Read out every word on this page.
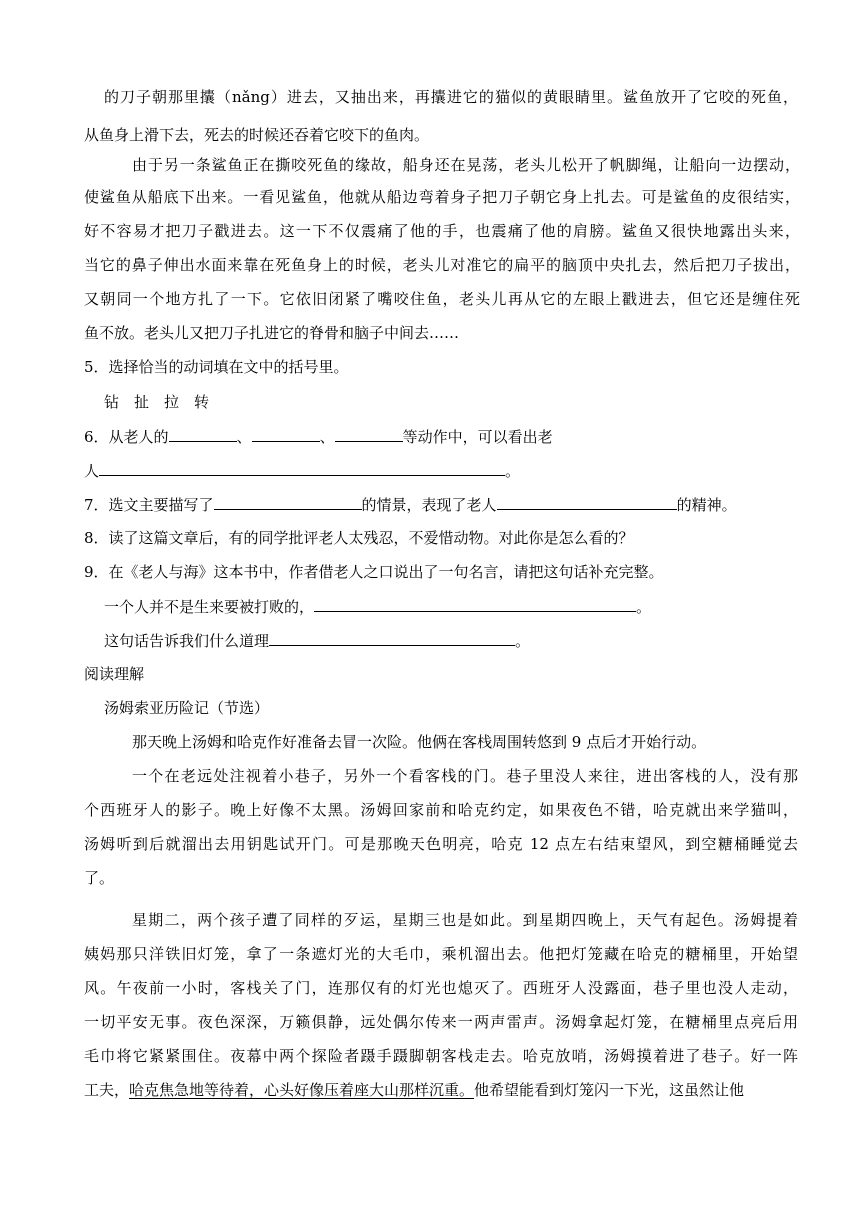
的刀子朝那里攮（nǎng）进去，又抽出来，再攮进它的猫似的黄眼睛里。鲨鱼放开了它咬的死鱼，
从鱼身上滑下去，死去的时候还吞着它咬下的鱼肉。
由于另一条鲨鱼正在撕咬死鱼的缘故，船身还在晃荡，老头儿松开了帆脚绳，让船向一边摆动，
使鲨鱼从船底下出来。一看见鲨鱼，他就从船边弯着身子把刀子朝它身上扎去。可是鲨鱼的皮很结实，
好不容易才把刀子戳进去。这一下不仅震痛了他的手，也震痛了他的肩膀。鲨鱼又很快地露出头来，
当它的鼻子伸出水面来靠在死鱼身上的时候，老头儿对准它的扁平的脑顶中央扎去，然后把刀子拔出，
又朝同一个地方扎了一下。它依旧闭紧了嘴咬住鱼，老头儿再从它的左眼上戳进去，但它还是缠住死
鱼不放。老头儿又把刀子扎进它的脊骨和脑子中间去……
5．选择恰当的动词填在文中的括号里。
钻　扯　拉　转
6．从老人的	、	、	等动作中，可以看出老
人	。
7．选文主要描写了	的情景，表现了老人	的精神。
8．读了这篇文章后，有的同学批评老人太残忍，不爱惜动物。对此你是怎么看的？
9．在《老人与海》这本书中，作者借老人之口说出了一句名言，请把这句话补充完整。
一个人并不是生来要被打败的，	。
这句话告诉我们什么道理	。
阅读理解
汤姆索亚历险记（节选）
那天晚上汤姆和哈克作好准备去冒一次险。他俩在客栈周围转悠到 9 点后才开始行动。
一个在老远处注视着小巷子，另外一个看客栈的门。巷子里没人来往，进出客栈的人，没有那
个西班牙人的影子。晚上好像不太黑。汤姆回家前和哈克约定，如果夜色不错，哈克就出来学猫叫，
汤姆听到后就溜出去用钥匙试开门。可是那晚天色明亮，哈克 12 点左右结束望风，到空糖桶睡觉去
了。
星期二，两个孩子遭了同样的歹运，星期三也是如此。到星期四晚上，天气有起色。汤姆提着
姨妈那只洋铁旧灯笼，拿了一条遮灯光的大毛巾，乘机溜出去。他把灯笼藏在哈克的糖桶里，开始望
风。午夜前一小时，客栈关了门，连那仅有的灯光也熄灭了。西班牙人没露面，巷子里也没人走动，
一切平安无事。夜色深深，万籁俱静，远处偶尔传来一两声雷声。汤姆拿起灯笼，在糖桶里点亮后用
毛巾将它紧紧围住。夜幕中两个探险者蹑手蹑脚朝客栈走去。哈克放哨，汤姆摸着进了巷子。好一阵
工夫，哈克焦急地等待着，心头好像压着座大山那样沉重。他希望能看到灯笼闪一下光，这虽然让他
